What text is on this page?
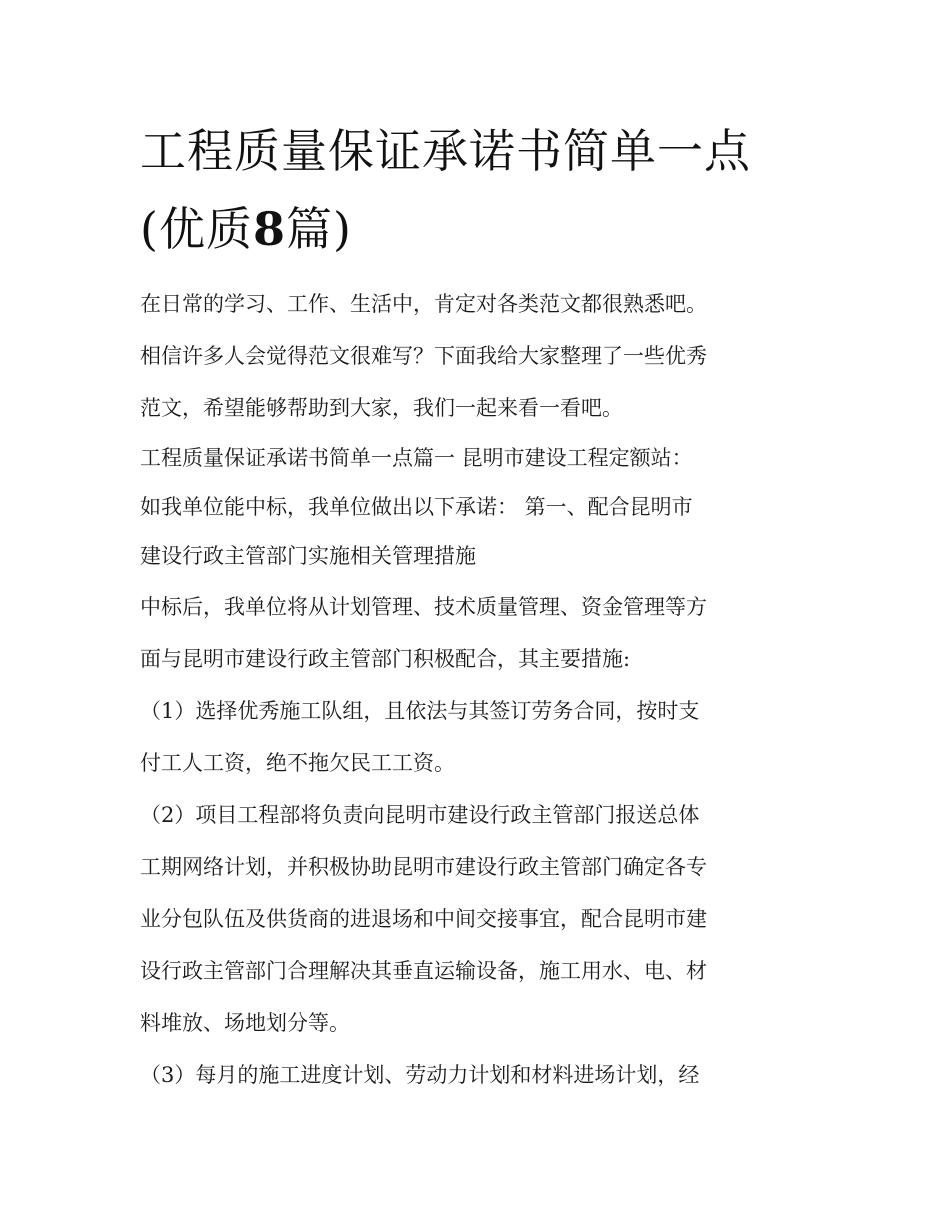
工程质量保证承诺书简单一点
(优质8篇)

在日常的学习、工作、生活中，肯定对各类范文都很熟悉吧。
相信许多人会觉得范文很难写？下面我给大家整理了一些优秀
范文，希望能够帮助到大家，我们一起来看一看吧。

工程质量保证承诺书简单一点篇一 昆明市建设工程定额站：
如我单位能中标，我单位做出以下承诺： 第一、配合昆明市
建设行政主管部门实施相关管理措施

中标后，我单位将从计划管理、技术质量管理、资金管理等方
面与昆明市建设行政主管部门积极配合，其主要措施:

（1）选择优秀施工队组，且依法与其签订劳务合同，按时支
付工人工资，绝不拖欠民工工资。

（2）项目工程部将负责向昆明市建设行政主管部门报送总体
工期网络计划，并积极协助昆明市建设行政主管部门确定各专
业分包队伍及供货商的进退场和中间交接事宜，配合昆明市建
设行政主管部门合理解决其垂直运输设备，施工用水、电、材
料堆放、场地划分等。

（3）每月的施工进度计划、劳动力计划和材料进场计划，经
